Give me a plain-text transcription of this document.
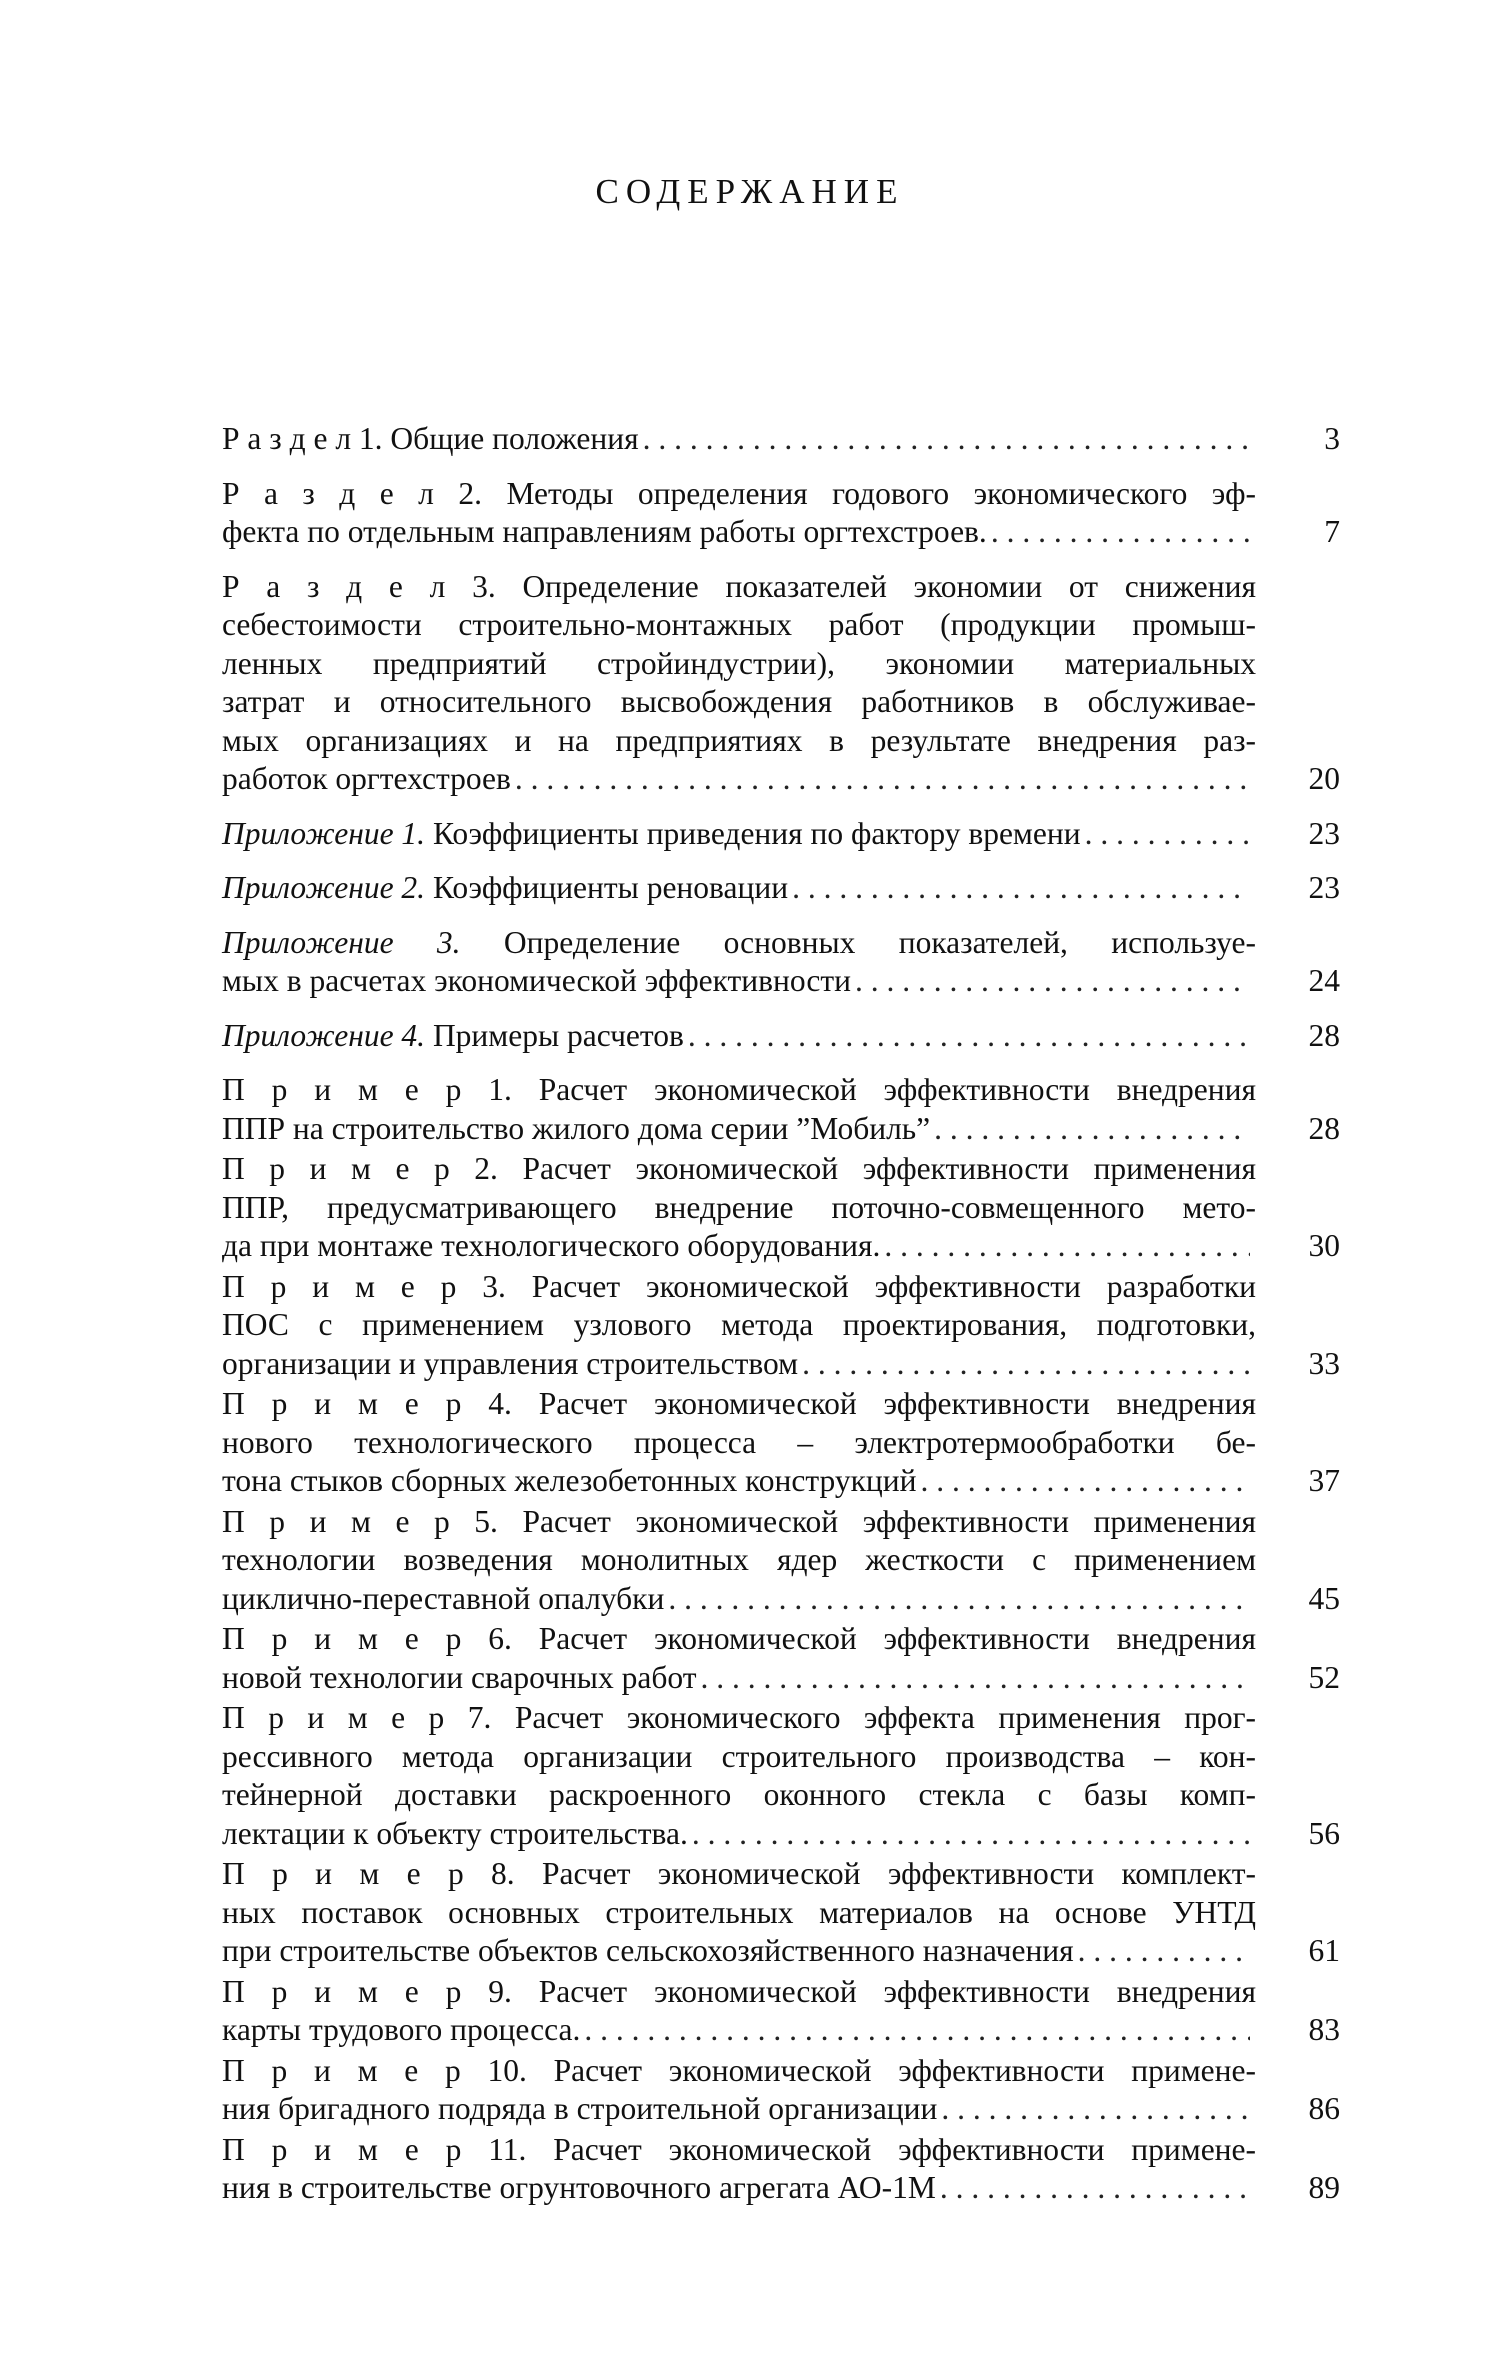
СОДЕРЖАНИЕ
Р а з д е л 1. Общие положения . . .	3
Р а з д е л 2. Методы определения годового экономического эф-
фекта по отдельным направлениям работы оргтехстроев. . . .	7
Р а з д е л 3. Определение показателей экономии от снижения
себестоимости строительно-монтажных работ (продукции промыш-
ленных предприятий стройиндустрии), экономии материальных
затрат и относительного высвобождения работников в обслуживае-
мых организациях и на предприятиях в результате внедрения раз-
работок оргтехстроев . . .	20
Приложение 1. Коэффициенты приведения по фактору времени . . .	23
Приложение 2. Коэффициенты реновации . . .	23
Приложение 3. Определение основных показателей, используе-
мых в расчетах экономической эффективности . . .	24
Приложение 4. Примеры расчетов . . .	28
П р и м е р 1. Расчет экономической эффективности внедрения
ППР на строительство жилого дома серии ”Мобиль” . . .	28
П р и м е р 2. Расчет экономической эффективности применения
ППР, предусматривающего внедрение поточно-совмещенного мето-
да при монтаже технологического оборудования. . . .	30
П р и м е р 3. Расчет экономической эффективности разработки
ПОС с применением узлового метода проектирования, подготовки,
организации и управления строительством . . .	33
П р и м е р 4. Расчет экономической эффективности внедрения
нового технологического процесса – электротермообработки бе-
тона стыков сборных железобетонных конструкций . . .	37
П р и м е р 5. Расчет экономической эффективности применения
технологии возведения монолитных ядер жесткости с применением
циклично-переставной опалубки . . .	45
П р и м е р 6. Расчет экономической эффективности внедрения
новой технологии сварочных работ . . .	52
П р и м е р 7. Расчет экономического эффекта применения прог-
рессивного метода организации строительного производства – кон-
тейнерной доставки раскроенного оконного стекла с базы комп-
лектации к объекту строительства. . . .	56
П р и м е р 8. Расчет экономической эффективности комплект-
ных поставок основных строительных материалов на основе УНТД
при строительстве объектов сельскохозяйственного назначения . . .	61
П р и м е р 9. Расчет экономической эффективности внедрения
карты трудового процесса. . . .	83
П р и м е р 10. Расчет экономической эффективности примене-
ния бригадного подряда в строительной организации . . .	86
П р и м е р 11. Расчет экономической эффективности примене-
ния в строительстве огрунтовочного агрегата АО-1М . . .	89
